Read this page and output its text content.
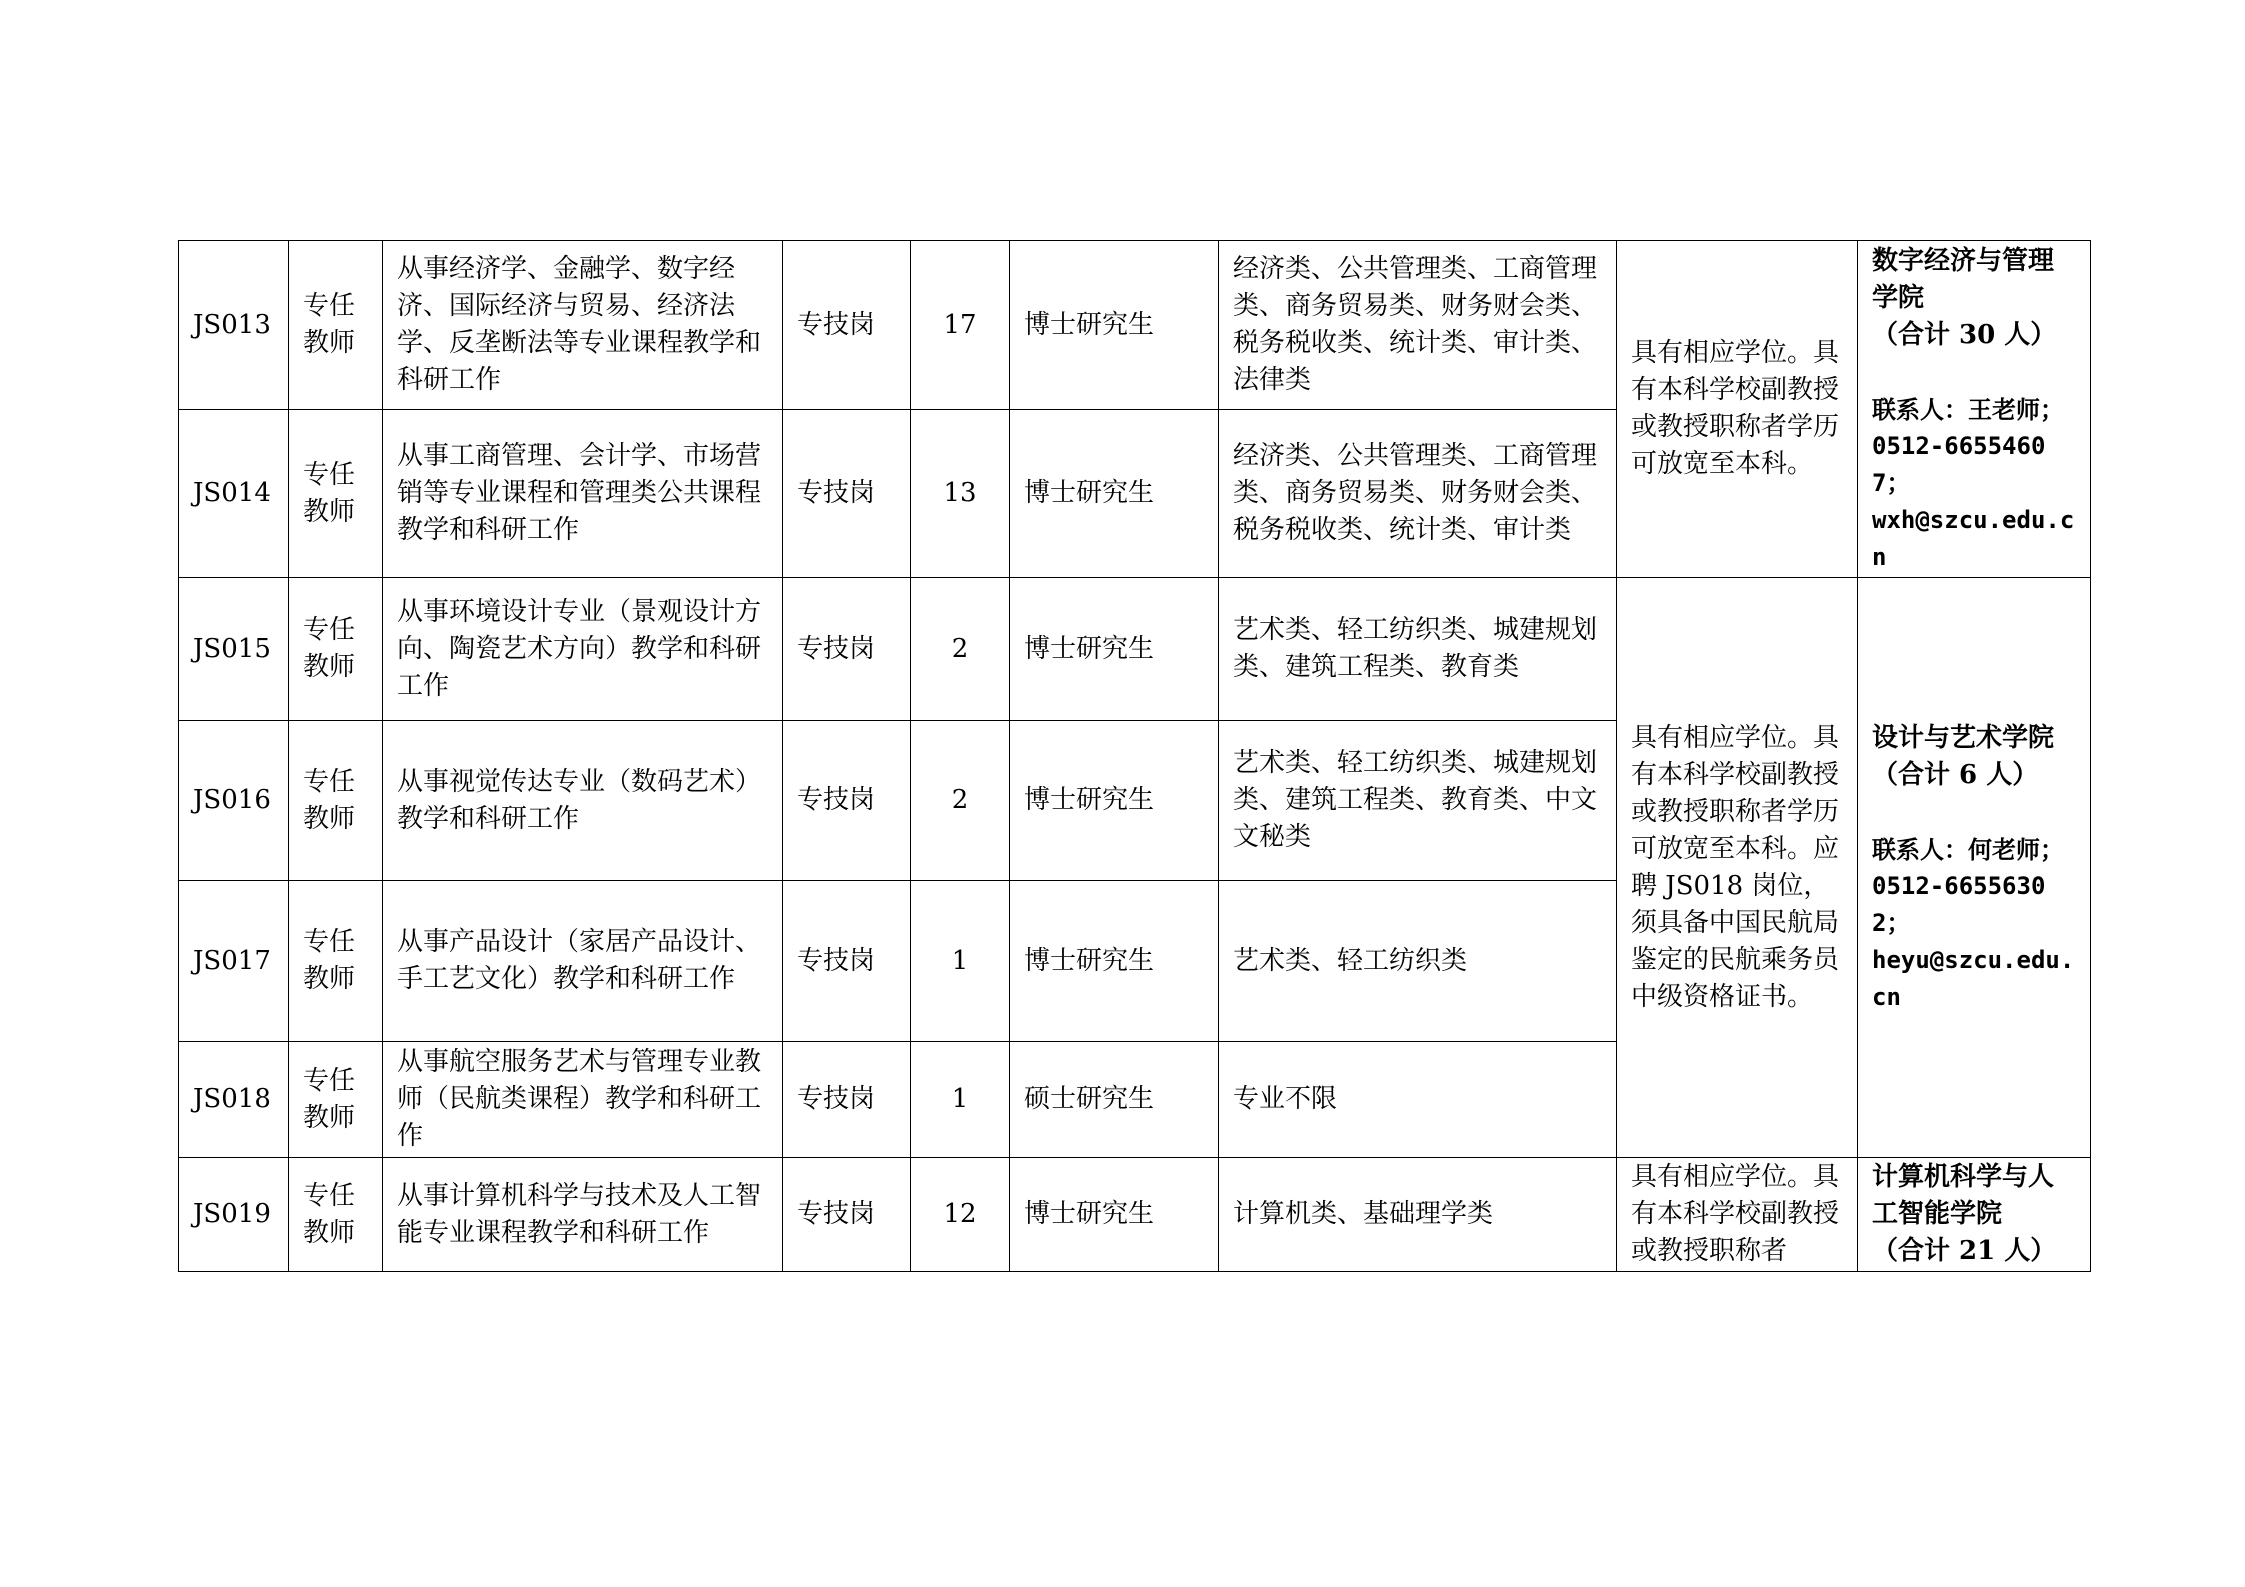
JS013	专任
教师	从事经济学、金融学、数字经济、国际经济与贸易、经济法学、反垄断法等专业课程教学和科研工作	专技岗	17	博士研究生	经济类、公共管理类、工商管理类、商务贸易类、财务财会类、税务税收类、统计类、审计类、法律类	具有相应学位。具有本科学校副教授或教授职称者学历可放宽至本科。	数字经济与管理学院
（合计 30 人）
联系人：王老师；
0512-66554607；
wxh@szcu.edu.cn

JS014	专任
教师	从事工商管理、会计学、市场营销等专业课程和管理类公共课程教学和科研工作	专技岗	13	博士研究生	经济类、公共管理类、工商管理类、商务贸易类、财务财会类、税务税收类、统计类、审计类		
JS015	专任
教师	从事环境设计专业（景观设计方向、陶瓷艺术方向）教学和科研工作	专技岗	2	博士研究生	艺术类、轻工纺织类、城建规划类、建筑工程类、教育类	具有相应学位。具有本科学校副教授或教授职称者学历可放宽至本科。应聘 JS018 岗位，须具备中国民航局鉴定的民航乘务员中级资格证书。	设计与艺术学院
（合计 6 人）
联系人：何老师；
0512-66556302；
heyu@szcu.edu.cn

JS016	专任
教师	从事视觉传达专业（数码艺术）教学和科研工作	专技岗	2	博士研究生	艺术类、轻工纺织类、城建规划类、建筑工程类、教育类、中文文秘类		
JS017	专任
教师	从事产品设计（家居产品设计、手工艺文化）教学和科研工作	专技岗	1	博士研究生	艺术类、轻工纺织类		
JS018	专任
教师	从事航空服务艺术与管理专业教师（民航类课程）教学和科研工作	专技岗	1	硕士研究生	专业不限		
JS019	专任
教师	从事计算机科学与技术及人工智能专业课程教学和科研工作	专技岗	12	博士研究生	计算机类、基础理学类	具有相应学位。具有本科学校副教授或教授职称者	计算机科学与人工智能学院
（合计 21 人）
